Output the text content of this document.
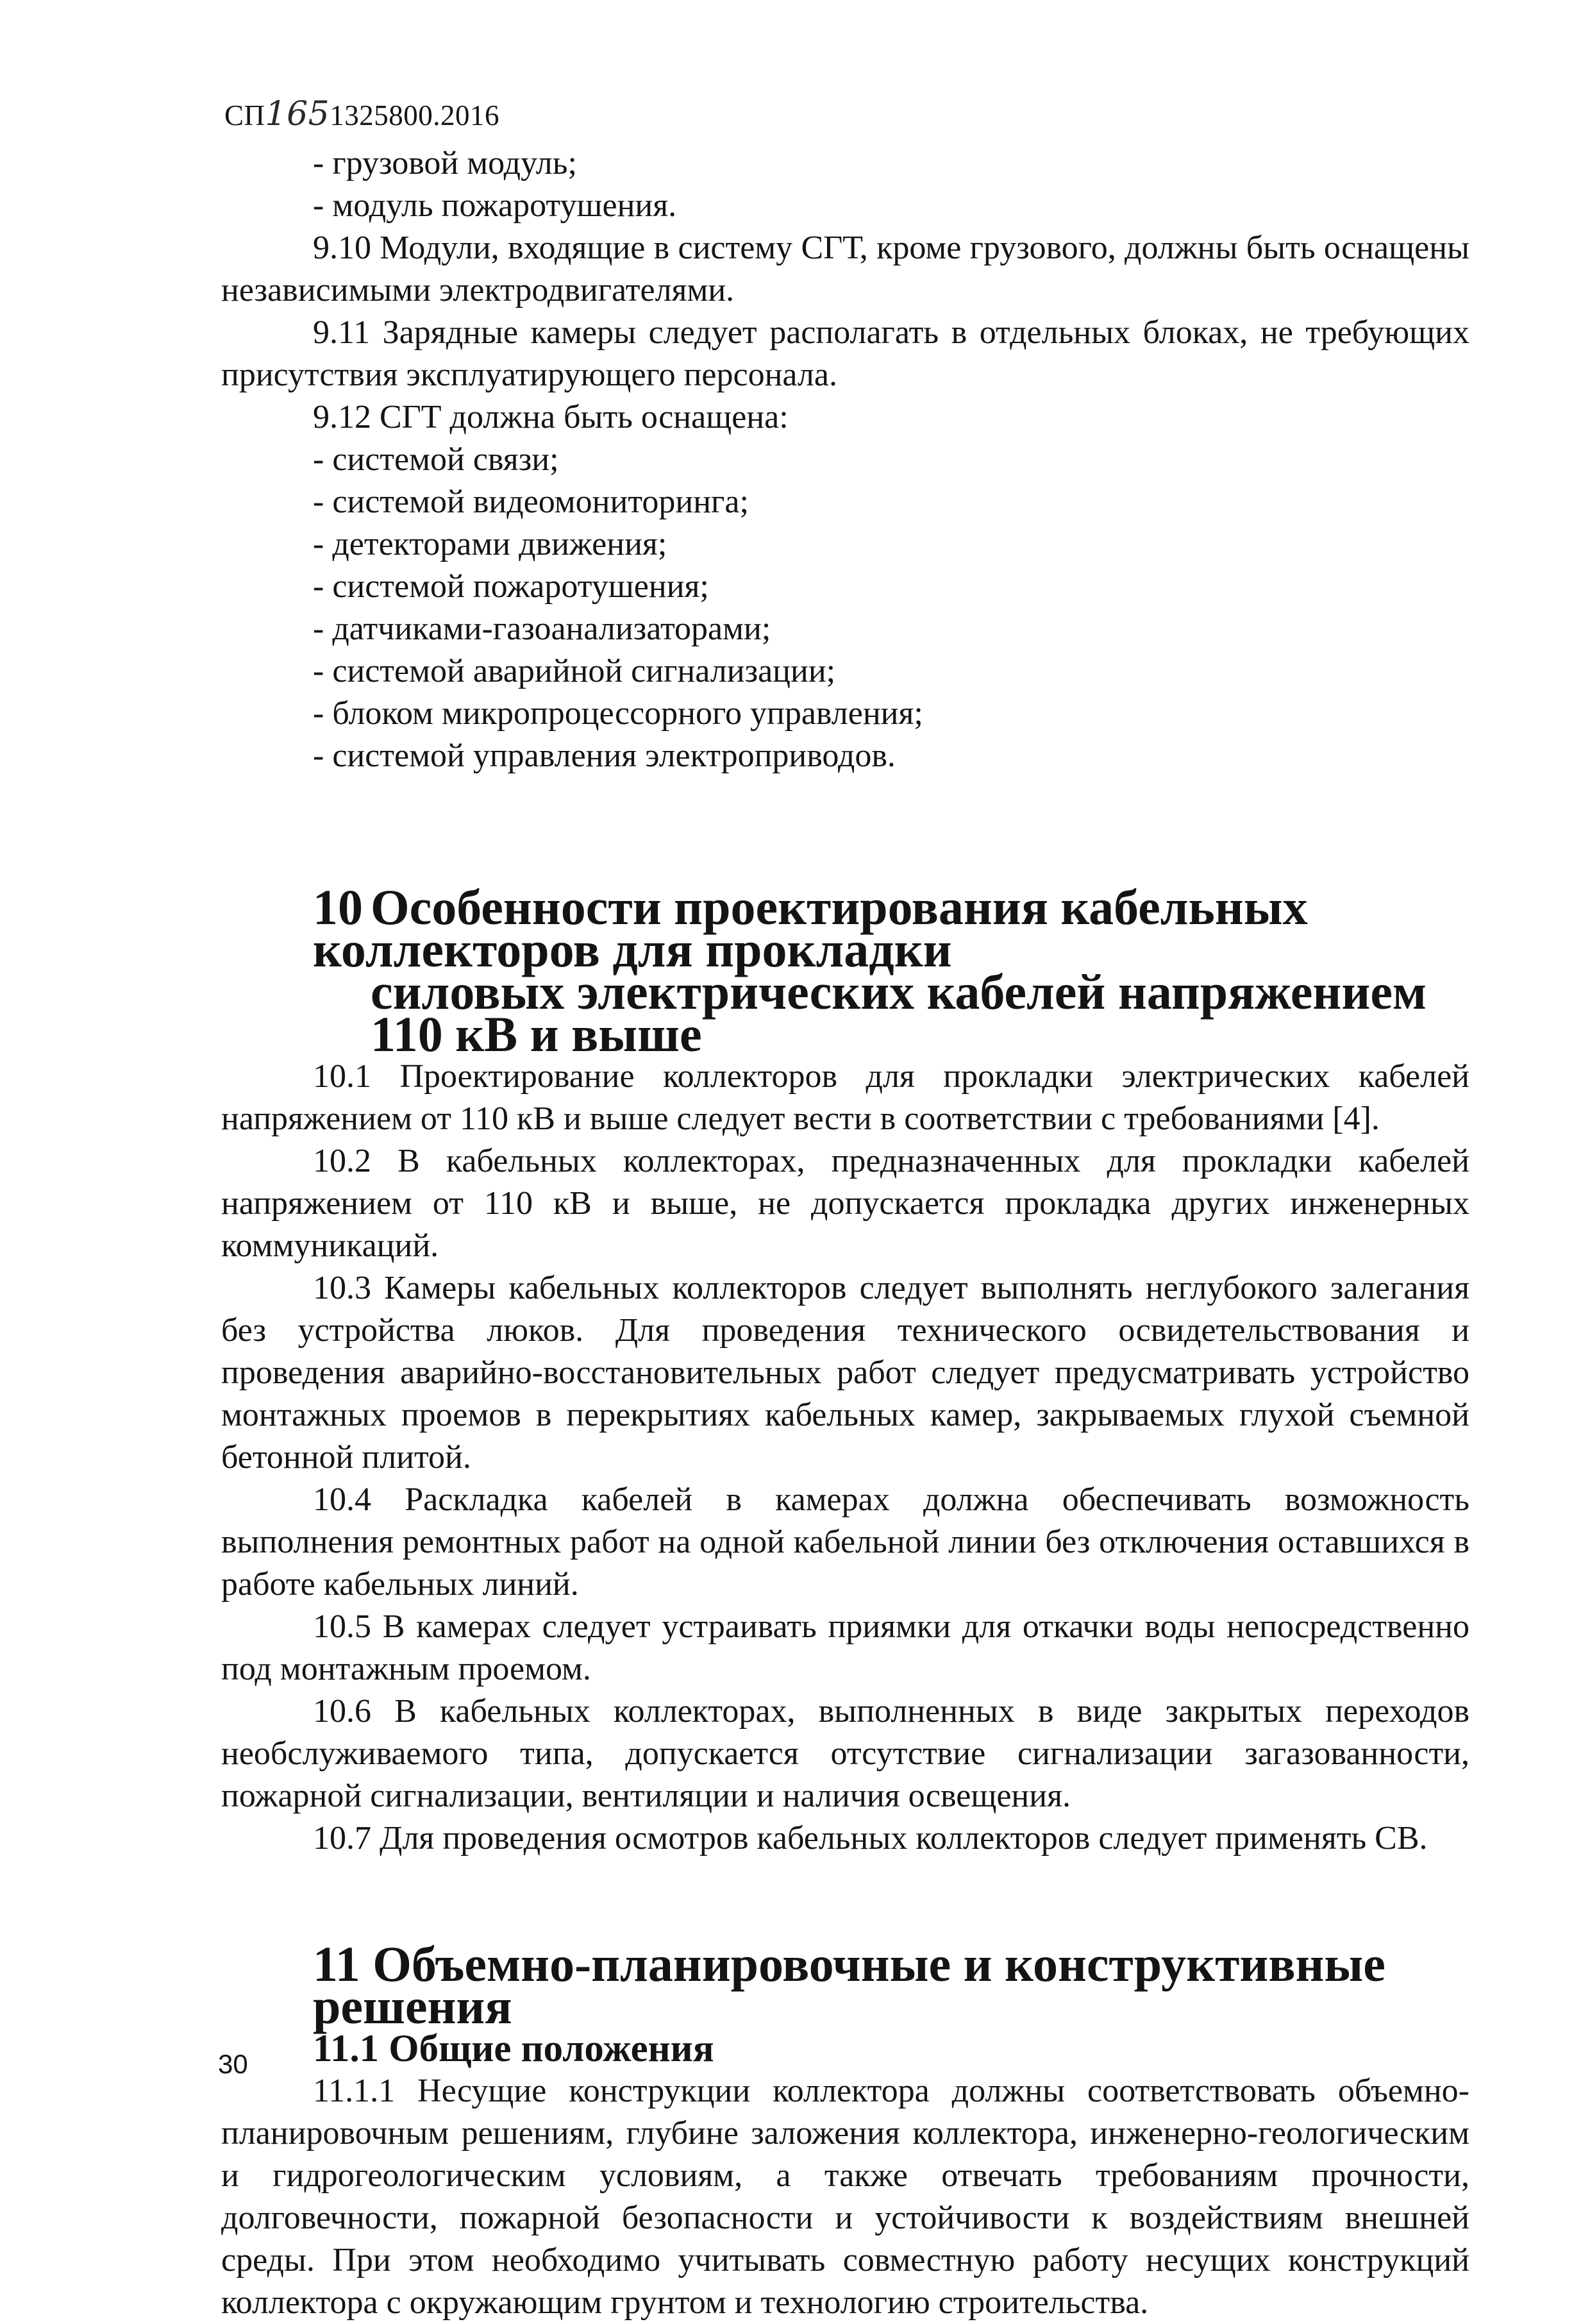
СП1651325800.2016

- грузовой модуль;

- модуль пожаротушения.

9.10 Модули, входящие в систему СГТ, кроме грузового, должны быть оснащены независимыми электродвигателями.

9.11 Зарядные камеры следует располагать в отдельных блоках, не требующих присутствия эксплуатирующего персонала.

9.12 СГТ должна быть оснащена:

- системой связи;

- системой видеомониторинга;

- детекторами движения;

- системой пожаротушения;

- датчиками-газоанализаторами;

- системой аварийной сигнализации;

- блоком микропроцессорного управления;

- системой управления электроприводов.

10 Особенности проектирования кабельных коллекторов для прокладки
силовых электрических кабелей напряжением 110 кВ и выше

10.1 Проектирование коллекторов для прокладки электрических кабелей напряжением от 110 кВ и выше следует вести в соответствии с требованиями [4].

10.2 В кабельных коллекторах, предназначенных для прокладки кабелей напряжением от 110 кВ и выше, не допускается прокладка других инженерных коммуникаций.

10.3 Камеры кабельных коллекторов следует выполнять неглубокого залегания без устройства люков. Для проведения технического освидетельствования и проведения аварийно-восстановительных работ следует предусматривать устройство монтажных проемов в перекрытиях кабельных камер, закрываемых глухой съемной бетонной плитой.

10.4 Раскладка кабелей в камерах должна обеспечивать возможность выполнения ремонтных работ на одной кабельной линии без отключения оставшихся в работе кабельных линий.

10.5 В камерах следует устраивать приямки для откачки воды непосредственно под монтажным проемом.

10.6 В кабельных коллекторах, выполненных в виде закрытых переходов необслуживаемого типа, допускается отсутствие сигнализации загазованности, пожарной сигнализации, вентиляции и наличия освещения.

10.7 Для проведения осмотров кабельных коллекторов следует применять СВ.

11 Объемно-планировочные и конструктивные решения
11.1 Общие положения

11.1.1 Несущие конструкции коллектора должны соответствовать объемно-планировочным решениям, глубине заложения коллектора, инженерно-геологическим и гидрогеологическим условиям, а также отвечать требованиям прочности, долговечности, пожарной безопасности и устойчивости к воздействиям внешней среды. При этом необходимо учитывать совместную работу несущих конструкций коллектора с окружающим грунтом и технологию строительства.

30
